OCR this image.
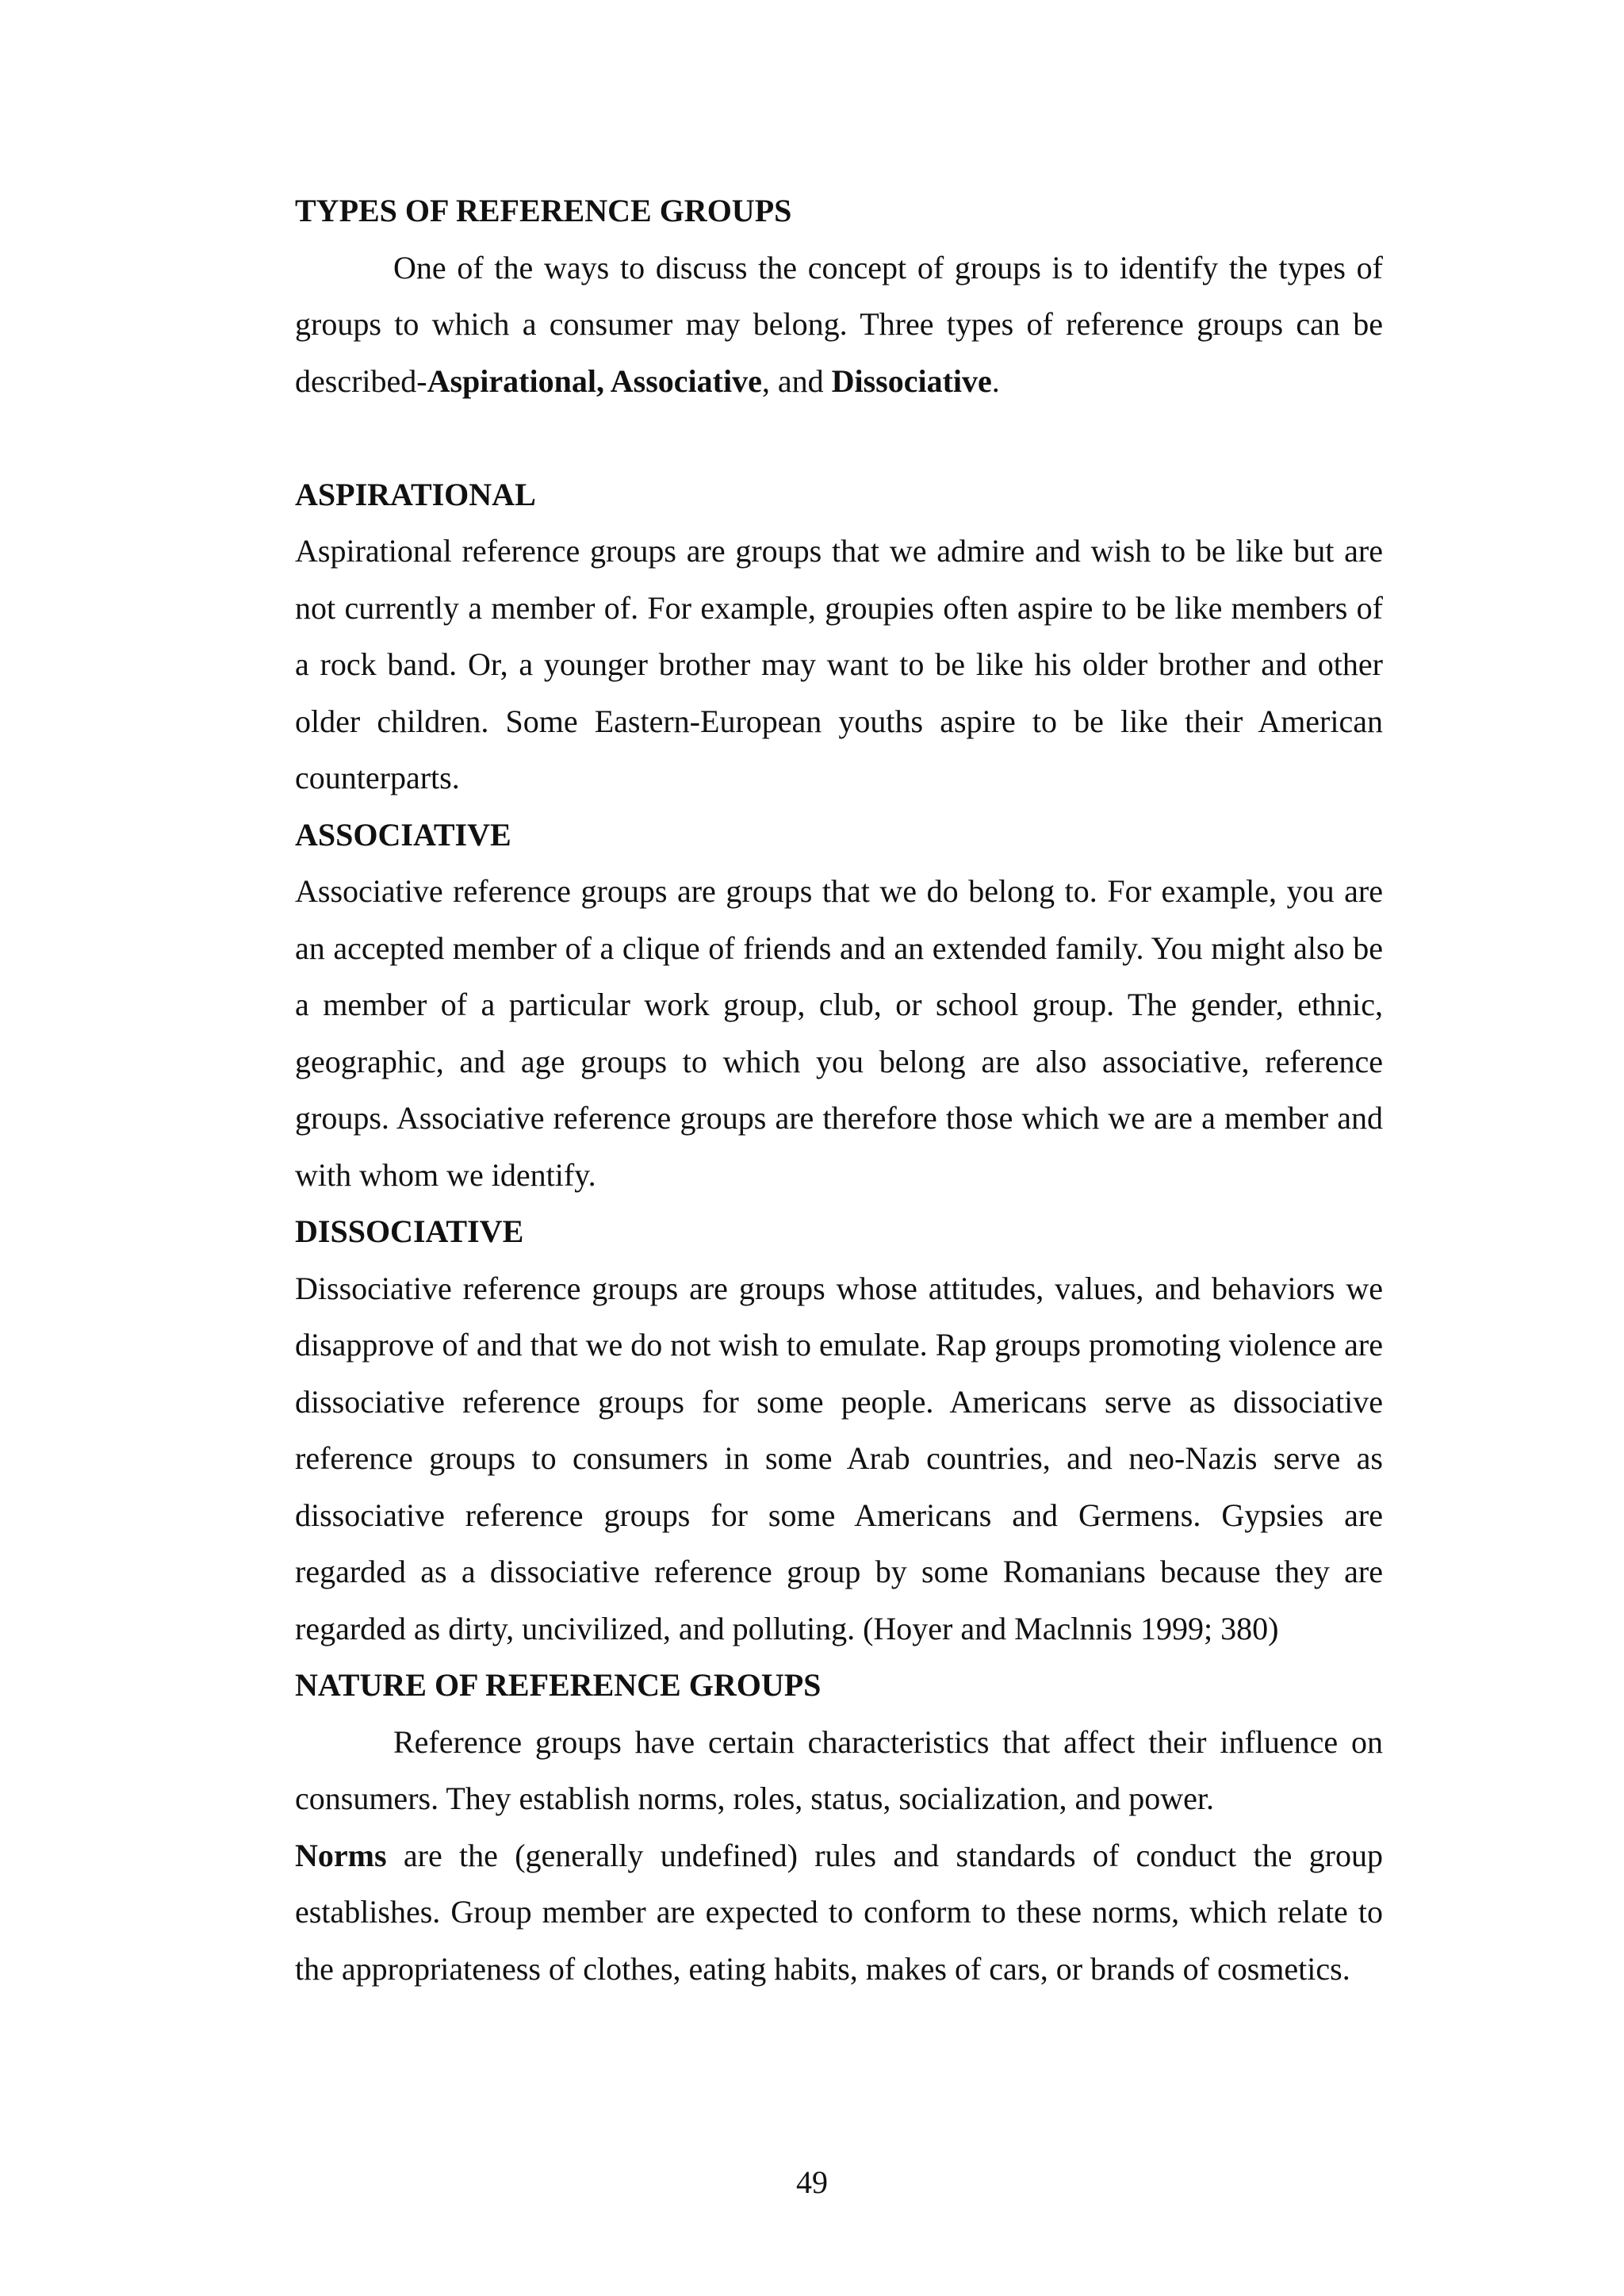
TYPES OF REFERENCE GROUPS

One of the ways to discuss the concept of groups is to identify the types of groups to which a consumer may belong. Three types of reference groups can be described-Aspirational, Associative, and Dissociative.

ASPIRATIONAL

Aspirational reference groups are groups that we admire and wish to be like but are not currently a member of. For example, groupies often aspire to be like members of a rock band. Or, a younger brother may want to be like his older brother and other older children. Some Eastern-European youths aspire to be like their American counterparts.

ASSOCIATIVE

Associative reference groups are groups that we do belong to. For example, you are an accepted member of a clique of friends and an extended family. You might also be a member of a particular work group, club, or school group. The gender, ethnic, geographic, and age groups to which you belong are also associative, reference groups. Associative reference groups are therefore those which we are a member and with whom we identify.

DISSOCIATIVE

Dissociative reference groups are groups whose attitudes, values, and behaviors we disapprove of and that we do not wish to emulate. Rap groups promoting violence are dissociative reference groups for some people. Americans serve as dissociative reference groups to consumers in some Arab countries, and neo-Nazis serve as dissociative reference groups for some Americans and Germens. Gypsies are regarded as a dissociative reference group by some Romanians because they are regarded as dirty, uncivilized, and polluting. (Hoyer and Maclnnis 1999; 380)

NATURE OF REFERENCE GROUPS

Reference groups have certain characteristics that affect their influence on consumers. They establish norms, roles, status, socialization, and power.

Norms are the (generally undefined) rules and standards of conduct the group establishes. Group member are expected to conform to these norms, which relate to the appropriateness of clothes, eating habits, makes of cars, or brands of cosmetics.

49
